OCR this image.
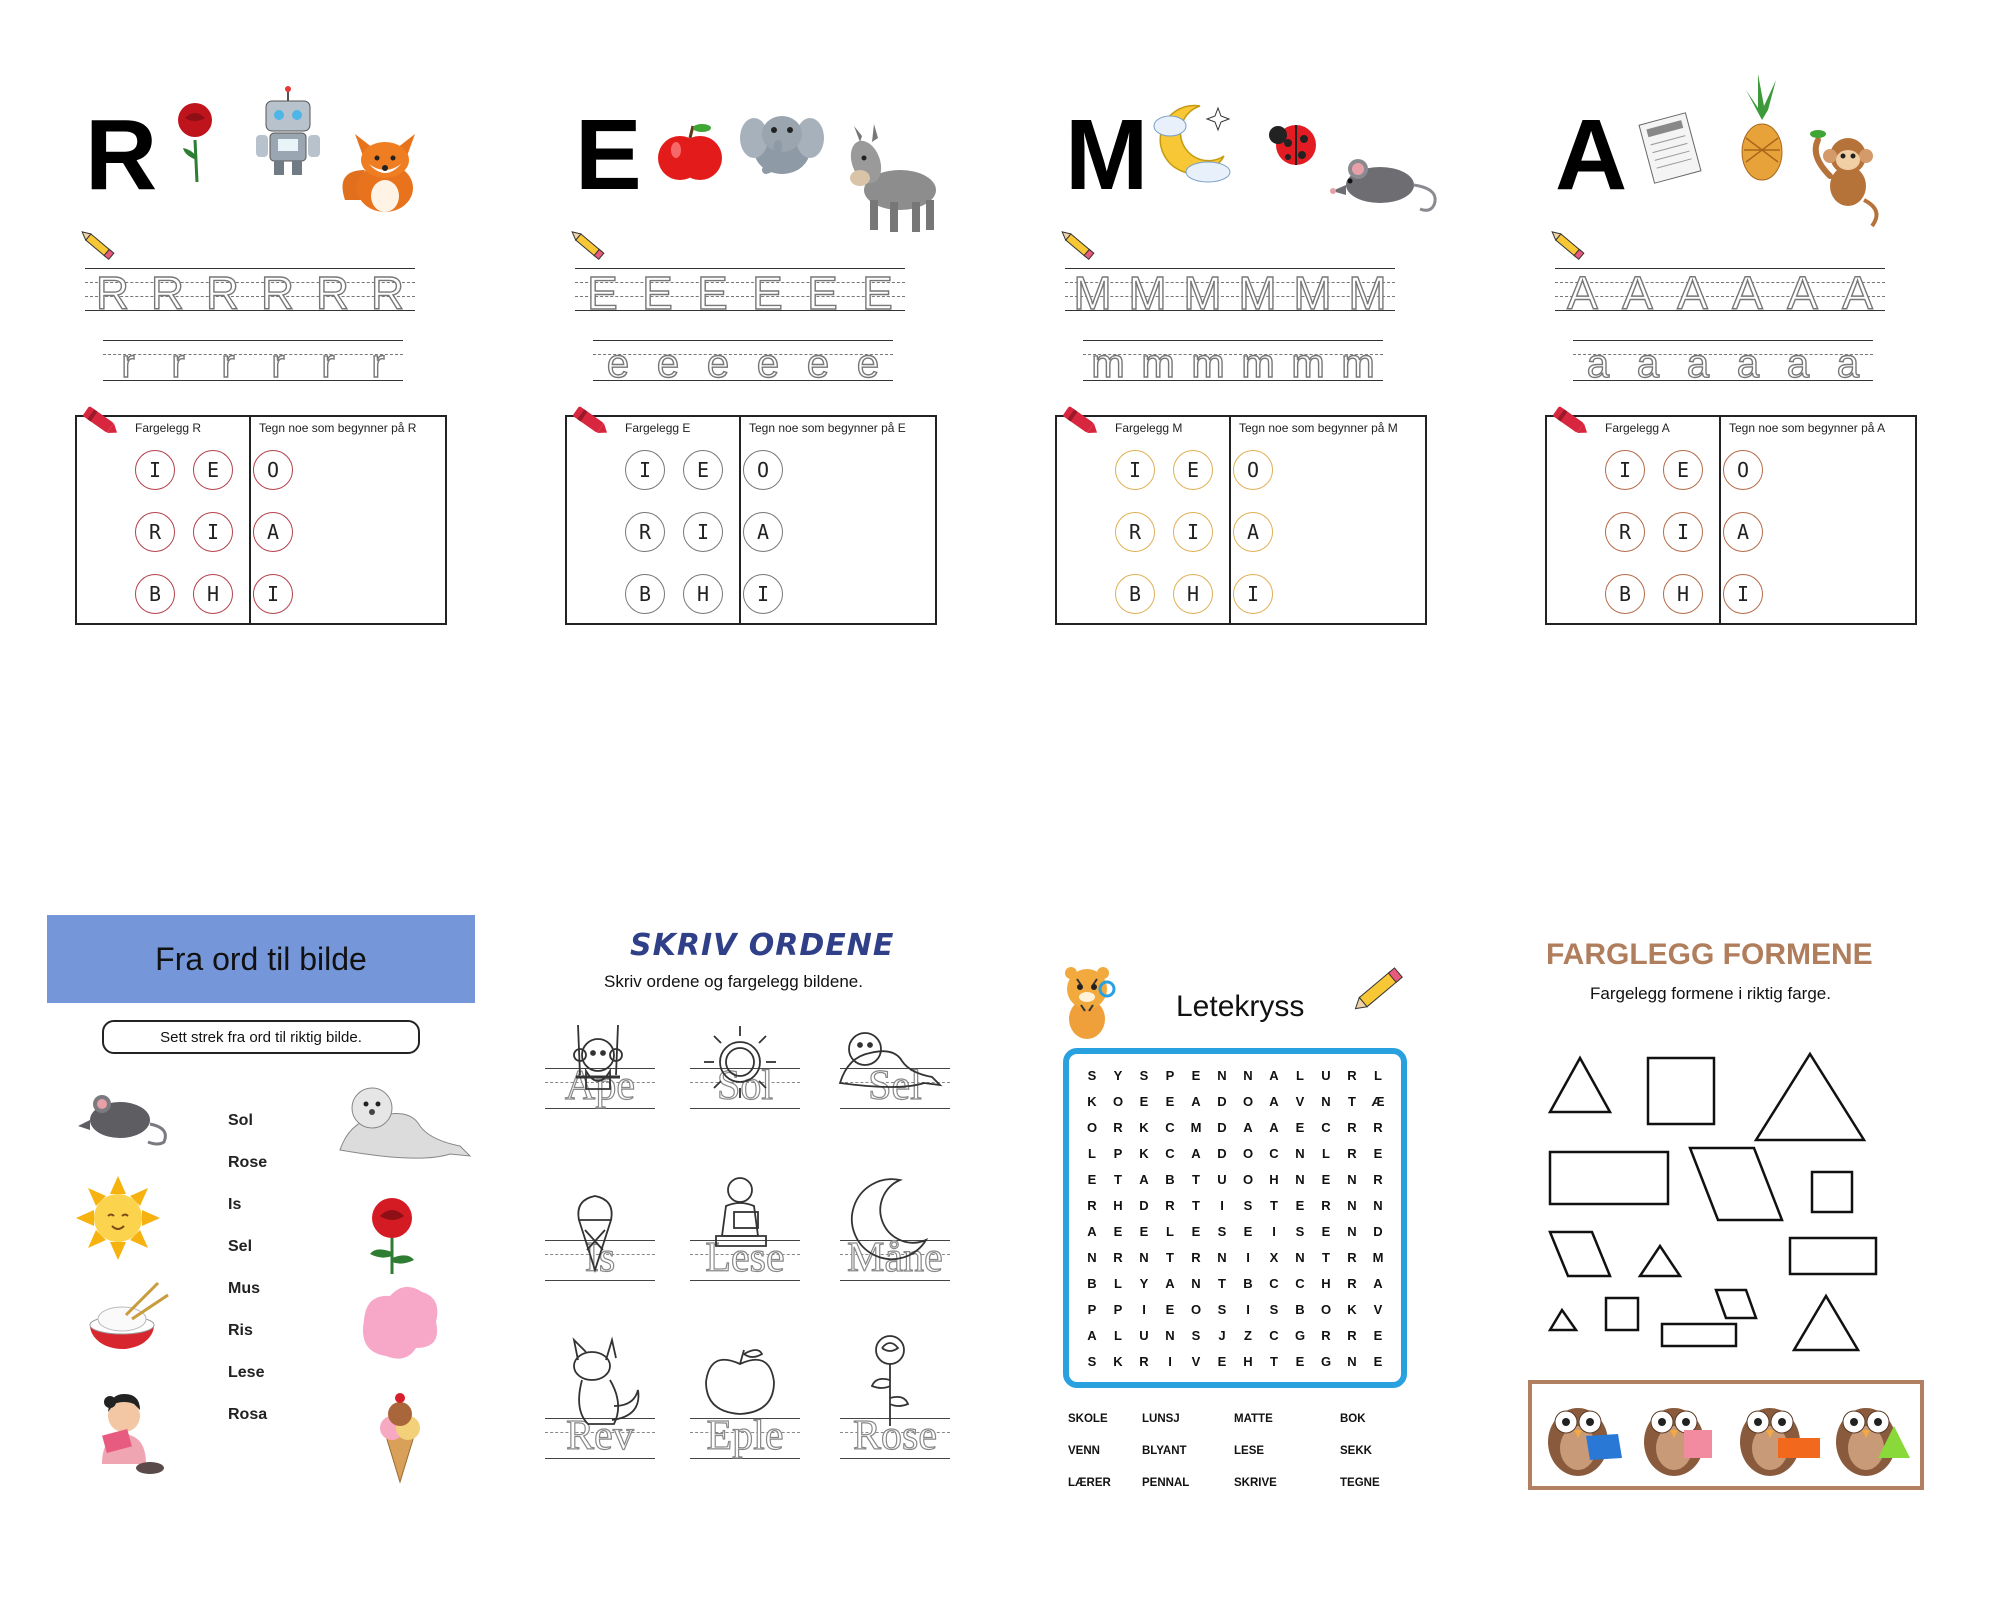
R
R R R R R R
r r r r r r
Fargelegg R	Tegn noe som begynner på R
I	E	O
R	I	A
B	H	I
E
E E E E E E
e e e e e e
Fargelegg E	Tegn noe som begynner på E
I	E	O
R	I	A
B	H	I
M
M M M M M M
m m m m m m
Fargelegg M	Tegn noe som begynner på M
I	E	O
R	I	A
B	H	I
A
A A A A A A
a a a a a a
Fargelegg A	Tegn noe som begynner på A
I	E	O
R	I	A
B	H	I
Fra ord til bilde
Sett strek fra ord til riktig bilde.
Sol
Rose
Is
Sel
Mus
Ris
Lese
Rosa
SKRIV ORDENE
Skriv ordene og fargelegg bildene.
Ape	Sol	Sel
Is	Lese	Måne
Rev	Eple	Rose
Letekryss
S	Y	S	P	E	N	N	A	L	U	R	L
K	O	E	E	A	D	O	A	V	N	T	Æ
O	R	K	C	M	D	A	A	E	C	R	R
L	P	K	C	A	D	O	C	N	L	R	E
E	T	A	B	T	U	O	H	N	E	N	R
R	H	D	R	T	I	S	T	E	R	N	N
A	E	E	L	E	S	E	I	S	E	N	D
N	R	N	T	R	N	I	X	N	T	R	M
B	L	Y	A	N	T	B	C	C	H	R	A
P	P	I	E	O	S	I	S	B	O	K	V
A	L	U	N	S	J	Z	C	G	R	R	E
S	K	R	I	V	E	H	T	E	G	N	E
SKOLE	LUNSJ	MATTE	BOK
VENN	BLYANT	LESE	SEKK
LÆRER	PENNAL	SKRIVE	TEGNE
FARGLEGG FORMENE
Fargelegg formene i riktig farge.
